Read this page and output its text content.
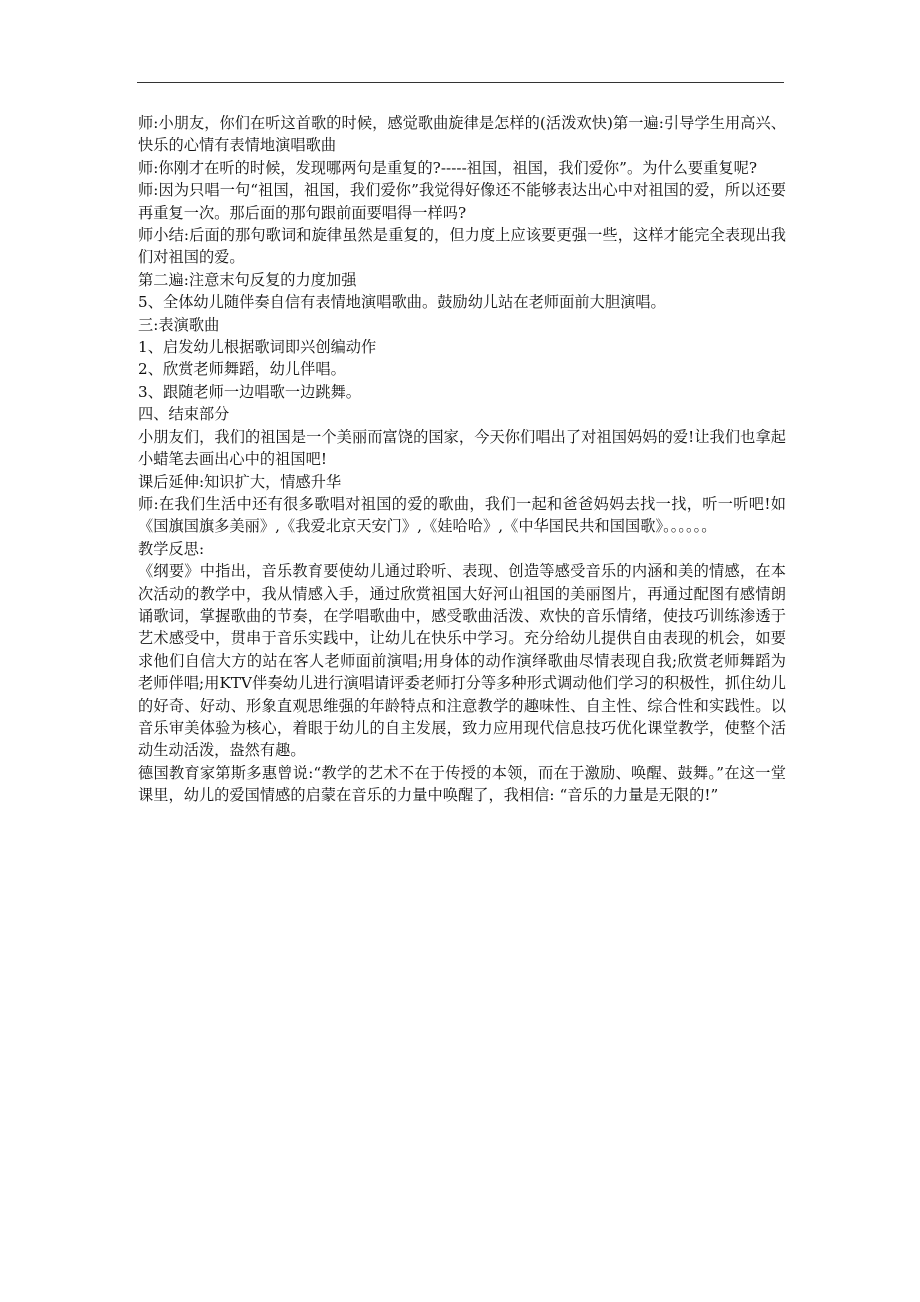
师:小朋友，你们在听这首歌的时候，感觉歌曲旋律是怎样的(活泼欢快)第一遍:引导学生用高兴、快乐的心情有表情地演唱歌曲

师:你刚才在听的时候，发现哪两句是重复的?-----祖国，祖国，我们爱你”。为什么要重复呢?

师:因为只唱一句“祖国，祖国，我们爱你”我觉得好像还不能够表达出心中对祖国的爱，所以还要再重复一次。那后面的那句跟前面要唱得一样吗?

师小结:后面的那句歌词和旋律虽然是重复的，但力度上应该要更强一些，这样才能完全表现出我们对祖国的爱。

第二遍:注意末句反复的力度加强

5、全体幼儿随伴奏自信有表情地演唱歌曲。鼓励幼儿站在老师面前大胆演唱。

三:表演歌曲

1、启发幼儿根据歌词即兴创编动作

2、欣赏老师舞蹈，幼儿伴唱。

3、跟随老师一边唱歌一边跳舞。

四、结束部分

小朋友们，我们的祖国是一个美丽而富饶的国家，今天你们唱出了对祖国妈妈的爱!让我们也拿起小蜡笔去画出心中的祖国吧!

课后延伸:知识扩大，情感升华

师:在我们生活中还有很多歌唱对祖国的爱的歌曲，我们一起和爸爸妈妈去找一找，听一听吧!如《国旗国旗多美丽》,《我爱北京天安门》,《娃哈哈》,《中华国民共和国国歌》。。。。。。

教学反思:

《纲要》中指出，音乐教育要使幼儿通过聆听、表现、创造等感受音乐的内涵和美的情感，在本次活动的教学中，我从情感入手，通过欣赏祖国大好河山祖国的美丽图片，再通过配图有感情朗诵歌词，掌握歌曲的节奏，在学唱歌曲中，感受歌曲活泼、欢快的音乐情绪，使技巧训练渗透于艺术感受中，贯串于音乐实践中，让幼儿在快乐中学习。充分给幼儿提供自由表现的机会，如要求他们自信大方的站在客人老师面前演唱;用身体的动作演绎歌曲尽情表现自我;欣赏老师舞蹈为老师伴唱;用KTV伴奏幼儿进行演唱请评委老师打分等多种形式调动他们学习的积极性，抓住幼儿的好奇、好动、形象直观思维强的年龄特点和注意教学的趣味性、自主性、综合性和实践性。以音乐审美体验为核心，着眼于幼儿的自主发展，致力应用现代信息技巧优化课堂教学，使整个活动生动活泼，盎然有趣。

德国教育家第斯多惠曾说:“教学的艺术不在于传授的本领，而在于激励、唤醒、鼓舞。”在这一堂课里，幼儿的爱国情感的启蒙在音乐的力量中唤醒了，我相信: “音乐的力量是无限的!”
